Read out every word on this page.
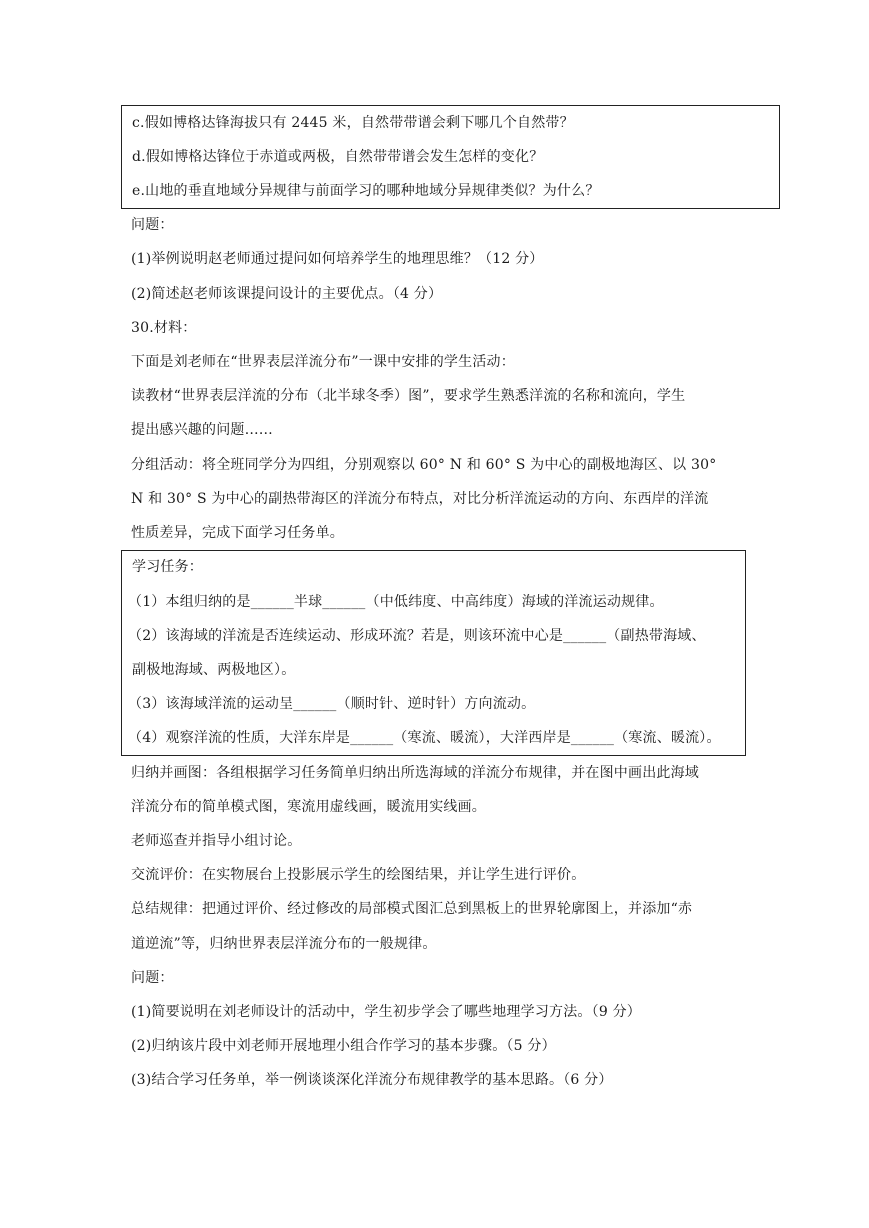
c.假如博格达锋海拔只有 2445 米，自然带带谱会剩下哪几个自然带？
d.假如博格达锋位于赤道或两极，自然带带谱会发生怎样的变化？
e.山地的垂直地域分异规律与前面学习的哪种地域分异规律类似？为什么？
问题：
(1)举例说明赵老师通过提问如何培养学生的地理思维？（12 分）
(2)简述赵老师该课提问设计的主要优点。（4 分）
30.材料：
下面是刘老师在“世界表层洋流分布”一课中安排的学生活动：
读教材“世界表层洋流的分布（北半球冬季）图”，要求学生熟悉洋流的名称和流向，学生
提出感兴趣的问题……
分组活动：将全班同学分为四组，分别观察以 60° N 和 60° S 为中心的副极地海区、以 30°
N 和 30° S 为中心的副热带海区的洋流分布特点，对比分析洋流运动的方向、东西岸的洋流
性质差异，完成下面学习任务单。
学习任务：
（1）本组归纳的是______半球______（中低纬度、中高纬度）海域的洋流运动规律。
（2）该海域的洋流是否连续运动、形成环流？若是，则该环流中心是______（副热带海域、
副极地海域、两极地区）。
（3）该海域洋流的运动呈______（顺时针、逆时针）方向流动。
（4）观察洋流的性质，大洋东岸是______（寒流、暖流），大洋西岸是______（寒流、暖流）。
归纳并画图：各组根据学习任务简单归纳出所选海域的洋流分布规律，并在图中画出此海域
洋流分布的简单模式图，寒流用虚线画，暖流用实线画。
老师巡查并指导小组讨论。
交流评价：在实物展台上投影展示学生的绘图结果，并让学生进行评价。
总结规律：把通过评价、经过修改的局部模式图汇总到黑板上的世界轮廓图上，并添加“赤
道逆流”等，归纳世界表层洋流分布的一般规律。
问题：
(1)简要说明在刘老师设计的活动中，学生初步学会了哪些地理学习方法。（9 分）
(2)归纳该片段中刘老师开展地理小组合作学习的基本步骤。（5 分）
(3)结合学习任务单，举一例谈谈深化洋流分布规律教学的基本思路。（6 分）
